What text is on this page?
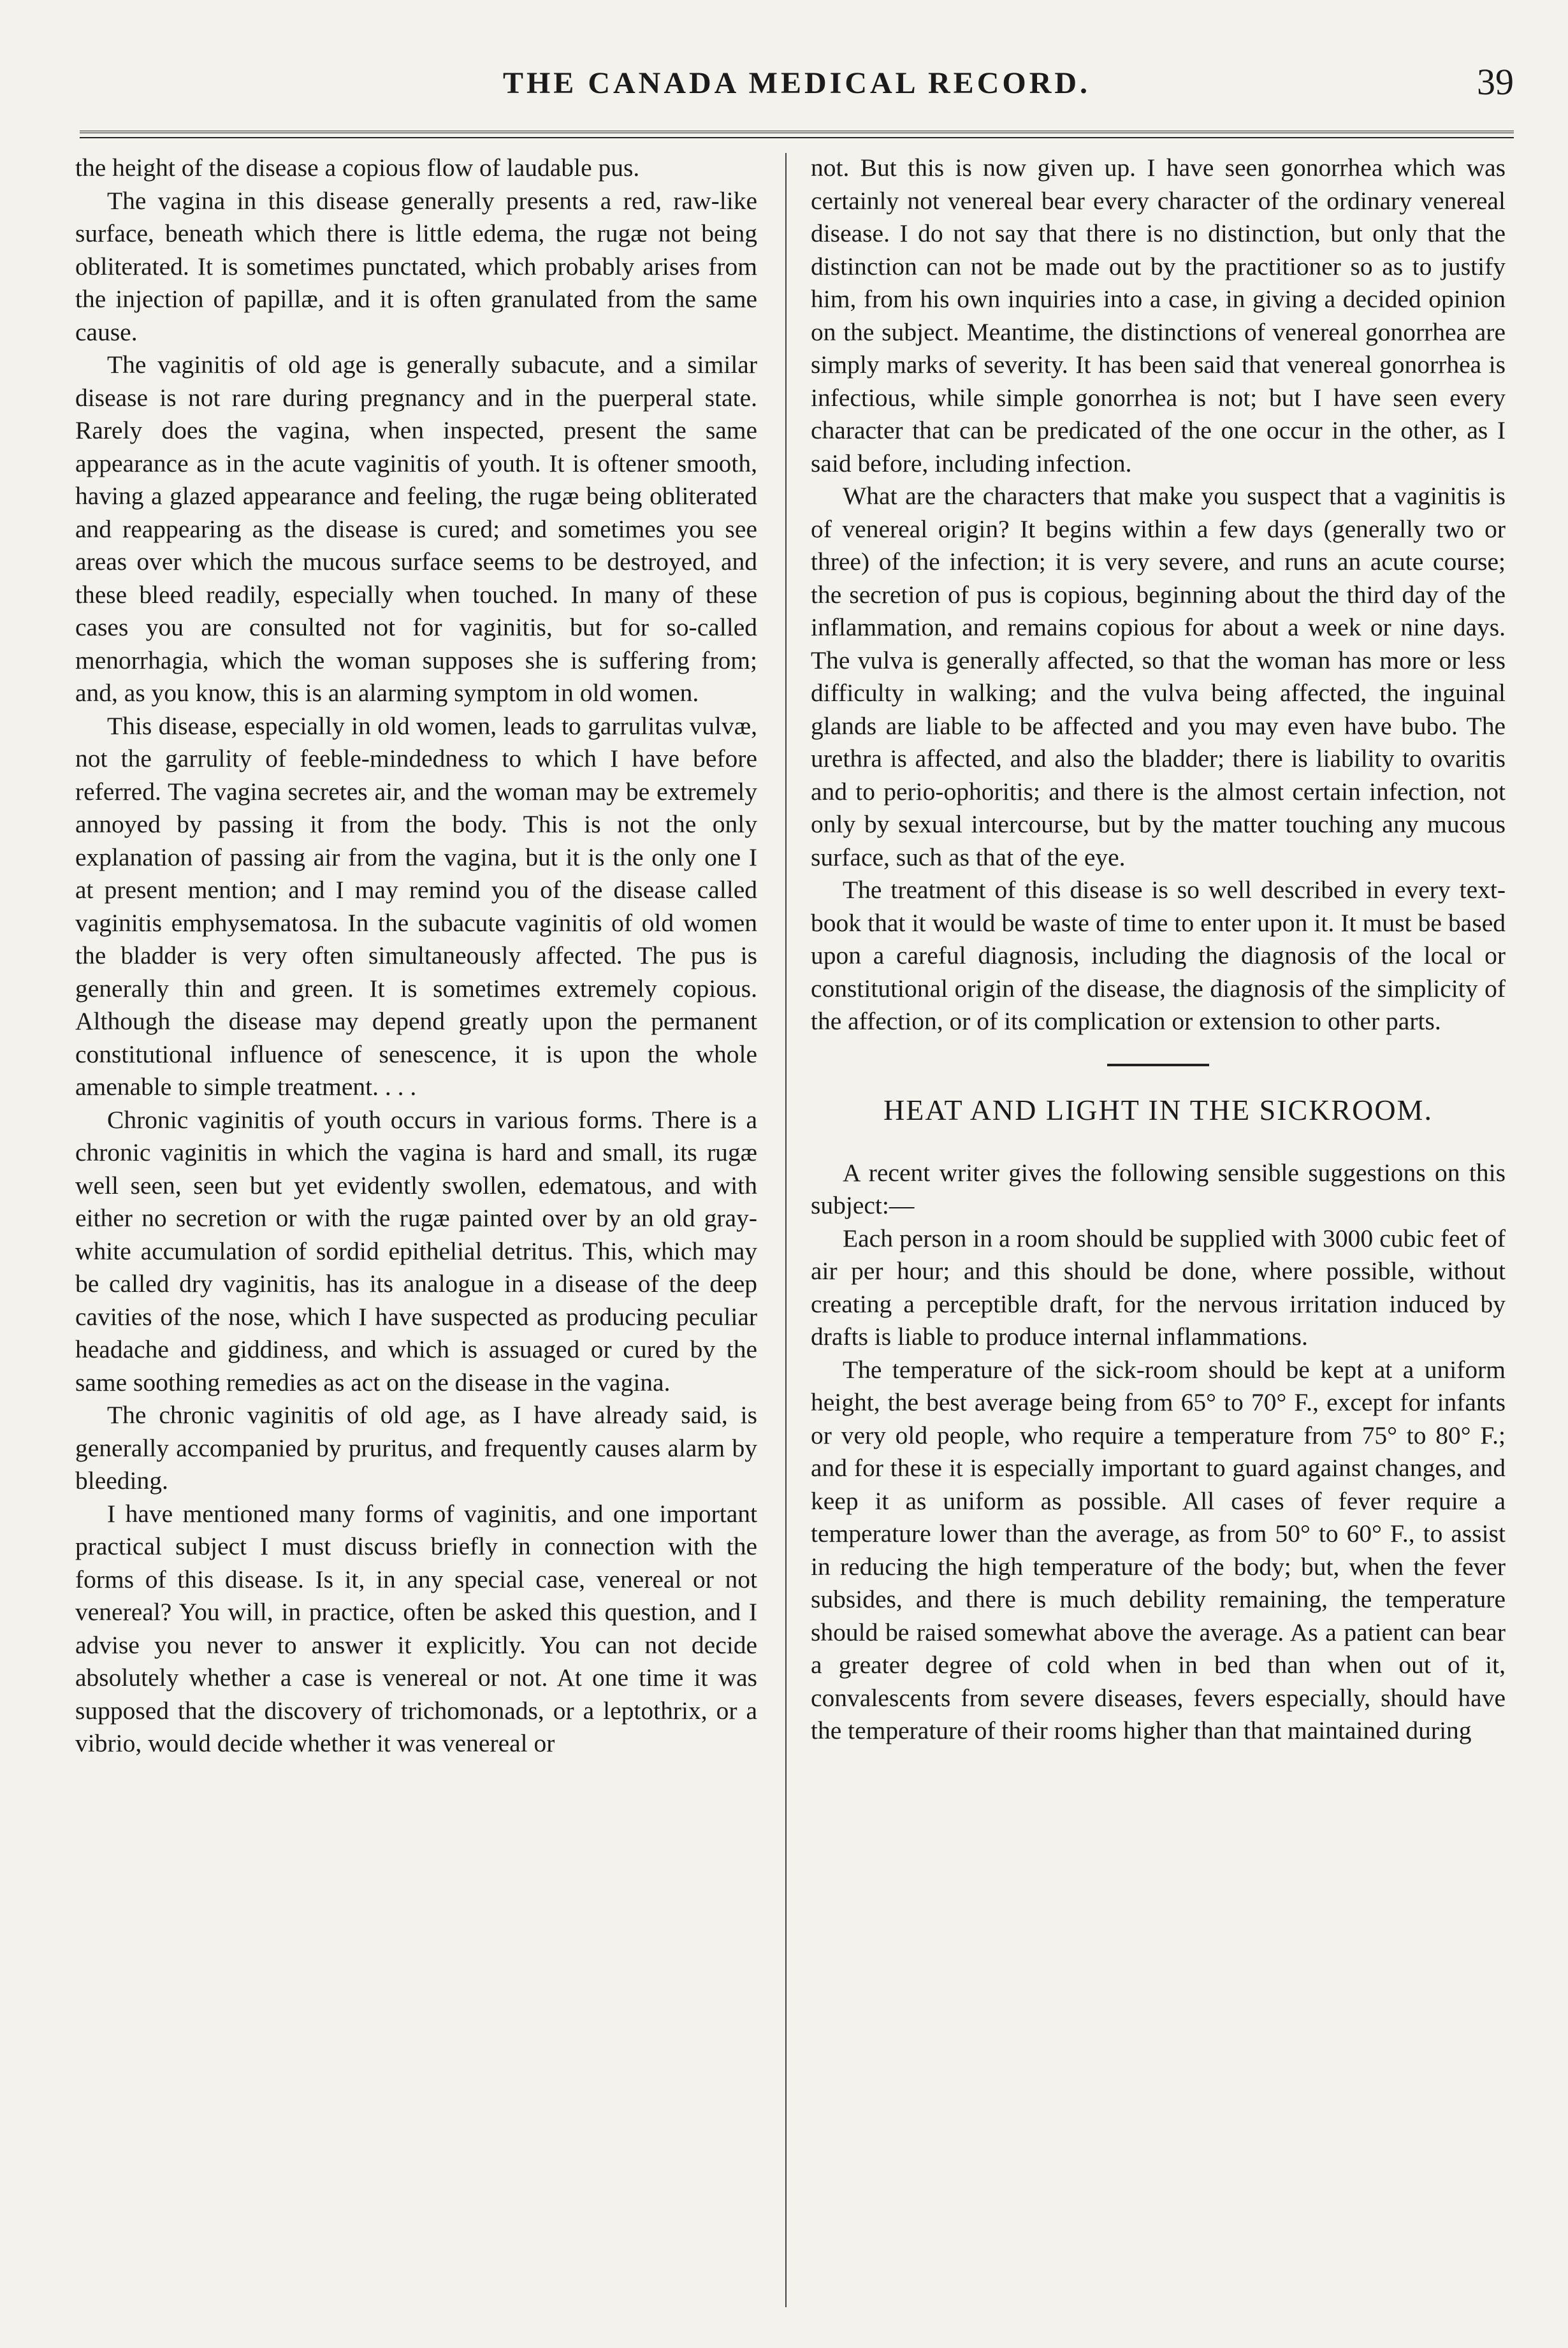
THE CANADA MEDICAL RECORD.	39

the height of the disease a copious flow of laudable pus.

The vagina in this disease generally presents a red, raw-like surface, beneath which there is little edema, the rugæ not being obliterated. It is sometimes punctated, which probably arises from the injection of papillæ, and it is often granulated from the same cause.

The vaginitis of old age is generally subacute, and a similar disease is not rare during pregnancy and in the puerperal state. Rarely does the vagina, when inspected, present the same appearance as in the acute vaginitis of youth. It is oftener smooth, having a glazed appearance and feeling, the rugæ being obliterated and reappearing as the disease is cured; and sometimes you see areas over which the mucous surface seems to be destroyed, and these bleed readily, especially when touched. In many of these cases you are consulted not for vaginitis, but for so-called menorrhagia, which the woman supposes she is suffering from; and, as you know, this is an alarming symptom in old women.

This disease, especially in old women, leads to garrulitas vulvæ, not the garrulity of feeble-mindedness to which I have before referred. The vagina secretes air, and the woman may be extremely annoyed by passing it from the body. This is not the only explanation of passing air from the vagina, but it is the only one I at present mention; and I may remind you of the disease called vaginitis emphysematosa. In the subacute vaginitis of old women the bladder is very often simultaneously affected. The pus is generally thin and green. It is sometimes extremely copious. Although the disease may depend greatly upon the permanent constitutional influence of senescence, it is upon the whole amenable to simple treatment. . . .

Chronic vaginitis of youth occurs in various forms. There is a chronic vaginitis in which the vagina is hard and small, its rugæ well seen, seen but yet evidently swollen, edematous, and with either no secretion or with the rugæ painted over by an old gray-white accumulation of sordid epithelial detritus. This, which may be called dry vaginitis, has its analogue in a disease of the deep cavities of the nose, which I have suspected as producing peculiar headache and giddiness, and which is assuaged or cured by the same soothing remedies as act on the disease in the vagina.

The chronic vaginitis of old age, as I have already said, is generally accompanied by pruritus, and frequently causes alarm by bleeding.

I have mentioned many forms of vaginitis, and one important practical subject I must discuss briefly in connection with the forms of this disease. Is it, in any special case, venereal or not venereal? You will, in practice, often be asked this question, and I advise you never to answer it explicitly. You can not decide absolutely whether a case is venereal or not. At one time it was supposed that the discovery of trichomonads, or a leptothrix, or a vibrio, would decide whether it was venereal or

not. But this is now given up. I have seen gonorrhea which was certainly not venereal bear every character of the ordinary venereal disease. I do not say that there is no distinction, but only that the distinction can not be made out by the practitioner so as to justify him, from his own inquiries into a case, in giving a decided opinion on the subject. Meantime, the distinctions of venereal gonorrhea are simply marks of severity. It has been said that venereal gonorrhea is infectious, while simple gonorrhea is not; but I have seen every character that can be predicated of the one occur in the other, as I said before, including infection.

What are the characters that make you suspect that a vaginitis is of venereal origin? It begins within a few days (generally two or three) of the infection; it is very severe, and runs an acute course; the secretion of pus is copious, beginning about the third day of the inflammation, and remains copious for about a week or nine days. The vulva is generally affected, so that the woman has more or less difficulty in walking; and the vulva being affected, the inguinal glands are liable to be affected and you may even have bubo. The urethra is affected, and also the bladder; there is liability to ovaritis and to perio-ophoritis; and there is the almost certain infection, not only by sexual intercourse, but by the matter touching any mucous surface, such as that of the eye.

The treatment of this disease is so well described in every text-book that it would be waste of time to enter upon it. It must be based upon a careful diagnosis, including the diagnosis of the local or constitutional origin of the disease, the diagnosis of the simplicity of the affection, or of its complication or extension to other parts.

HEAT AND LIGHT IN THE SICKROOM.

A recent writer gives the following sensible suggestions on this subject:—

Each person in a room should be supplied with 3000 cubic feet of air per hour; and this should be done, where possible, without creating a perceptible draft, for the nervous irritation induced by drafts is liable to produce internal inflammations.

The temperature of the sick-room should be kept at a uniform height, the best average being from 65° to 70° F., except for infants or very old people, who require a temperature from 75° to 80° F.; and for these it is especially important to guard against changes, and keep it as uniform as possible. All cases of fever require a temperature lower than the average, as from 50° to 60° F., to assist in reducing the high temperature of the body; but, when the fever subsides, and there is much debility remaining, the temperature should be raised somewhat above the average. As a patient can bear a greater degree of cold when in bed than when out of it, convalescents from severe diseases, fevers especially, should have the temperature of their rooms higher than that maintained during
